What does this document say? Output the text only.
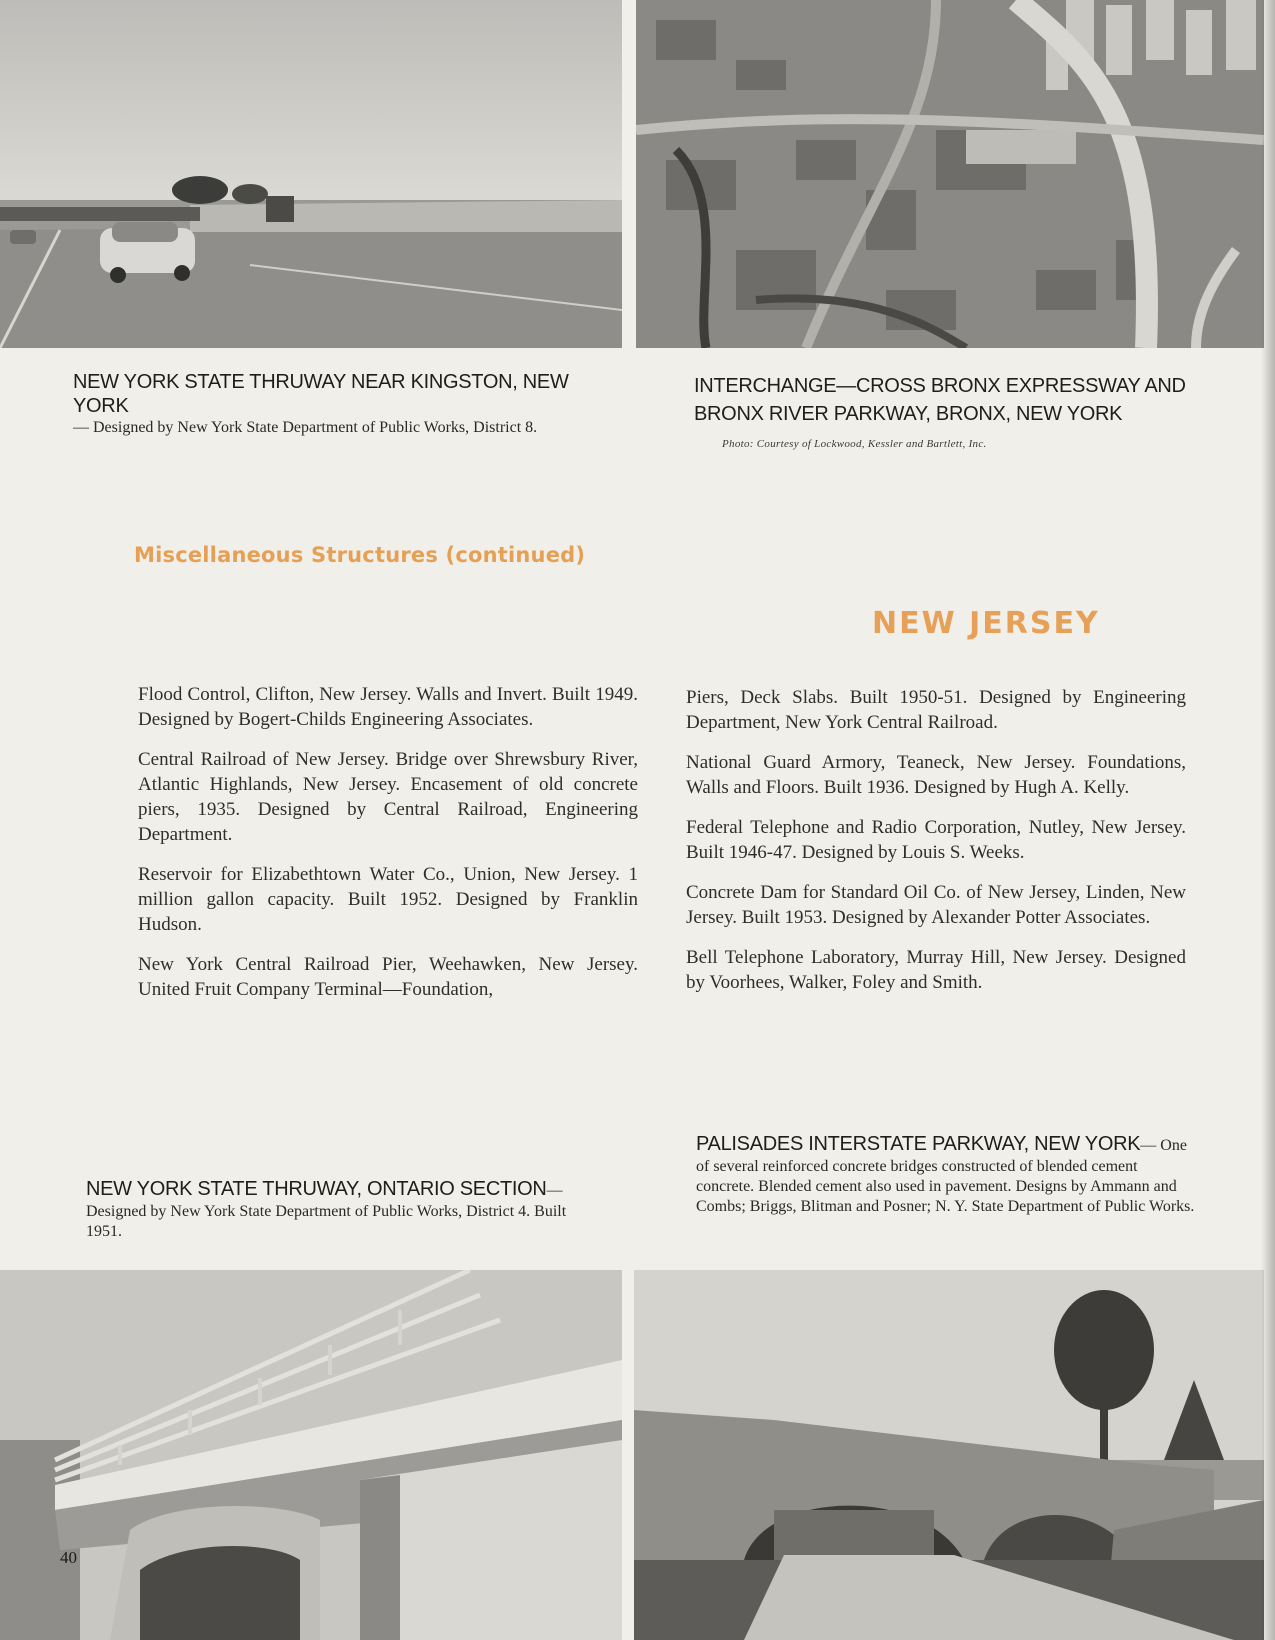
NEW YORK STATE THRUWAY NEAR KINGSTON, NEW YORK
— Designed by New York State Department of Public Works, District 8.
INTERCHANGE—CROSS BRONX EXPRESSWAY AND BRONX RIVER PARKWAY, BRONX, NEW YORK
Photo: Courtesy of Lockwood, Kessler and Bartlett, Inc.
Miscellaneous Structures (continued)
NEW JERSEY

Flood Control, Clifton, New Jersey. Walls and Invert. Built 1949. Designed by Bogert-Childs Engineering Associates.

Central Railroad of New Jersey. Bridge over Shrewsbury River, Atlantic Highlands, New Jersey. Encasement of old concrete piers, 1935. Designed by Central Railroad, Engineering Department.

Reservoir for Elizabethtown Water Co., Union, New Jersey. 1 million gallon capacity. Built 1952. Designed by Franklin Hudson.

New York Central Railroad Pier, Weehawken, New Jersey. United Fruit Company Terminal—Foundation,

Piers, Deck Slabs. Built 1950-51. Designed by Engineering Department, New York Central Railroad.

National Guard Armory, Teaneck, New Jersey. Foundations, Walls and Floors. Built 1936. Designed by Hugh A. Kelly.

Federal Telephone and Radio Corporation, Nutley, New Jersey. Built 1946-47. Designed by Louis S. Weeks.

Concrete Dam for Standard Oil Co. of New Jersey, Linden, New Jersey. Built 1953. Designed by Alexander Potter Associates.

Bell Telephone Laboratory, Murray Hill, New Jersey. Designed by Voorhees, Walker, Foley and Smith.

NEW YORK STATE THRUWAY, ONTARIO SECTION—Designed by New York State Department of Public Works, District 4. Built 1951.
PALISADES INTERSTATE PARKWAY, NEW YORK— One of several reinforced concrete bridges constructed of blended cement concrete. Blended cement also used in pavement. Designs by Ammann and Combs; Briggs, Blitman and Posner; N. Y. State Department of Public Works.
40
